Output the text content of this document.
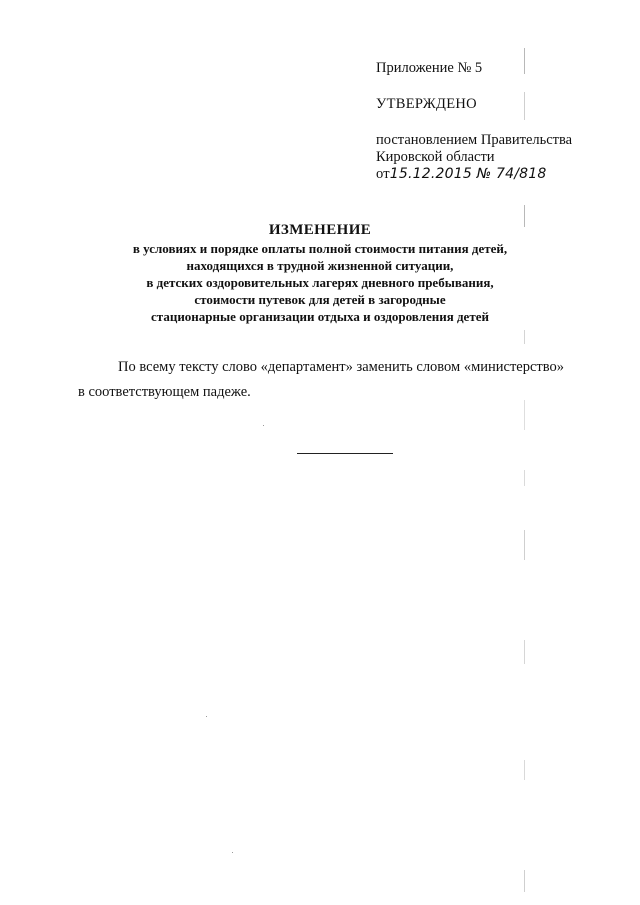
Приложение № 5
УТВЕРЖДЕНО
постановлением Правительства
Кировской области
от15.12.2015 № 74/818
ИЗМЕНЕНИЕ
в условиях и порядке оплаты полной стоимости питания детей,
находящихся в трудной жизненной ситуации,
в детских оздоровительных лагерях дневного пребывания,
стоимости путевок для детей в загородные
стационарные организации отдыха и оздоровления детей
По всему тексту слово «департамент» заменить словом «министерство»
в соответствующем падеже.
